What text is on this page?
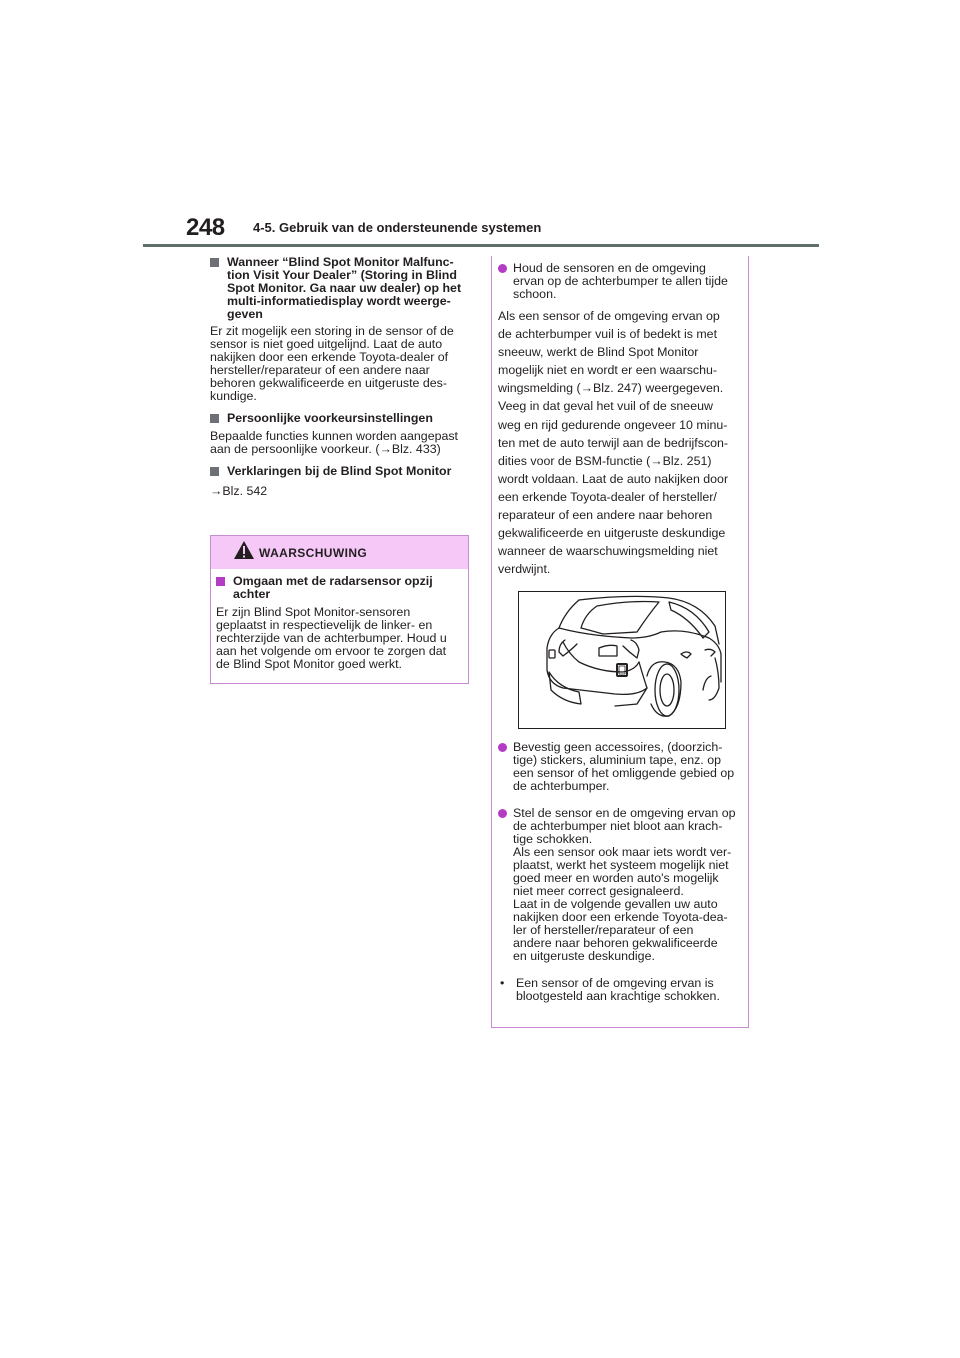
248 4-5. Gebruik van de ondersteunende systemen
Wanneer “Blind Spot Monitor Malfunc-
tion Visit Your Dealer” (Storing in Blind
Spot Monitor. Ga naar uw dealer) op het
multi-informatiedisplay wordt weerge-
geven
Er zit mogelijk een storing in de sensor of de
sensor is niet goed uitgelijnd. Laat de auto
nakijken door een erkende Toyota-dealer of
hersteller/reparateur of een andere naar
behoren gekwalificeerde en uitgeruste des-
kundige.
Persoonlijke voorkeursinstellingen
Bepaalde functies kunnen worden aangepast
aan de persoonlijke voorkeur. (→Blz. 433)
Verklaringen bij de Blind Spot Monitor
→Blz. 542
WAARSCHUWING
Omgaan met de radarsensor opzij
achter
Er zijn Blind Spot Monitor-sensoren
geplaatst in respectievelijk de linker- en
rechterzijde van de achterbumper. Houd u
aan het volgende om ervoor te zorgen dat
de Blind Spot Monitor goed werkt.
Houd de sensoren en de omgeving
ervan op de achterbumper te allen tijde
schoon.
Als een sensor of de omgeving ervan op
de achterbumper vuil is of bedekt is met
sneeuw, werkt de Blind Spot Monitor
mogelijk niet en wordt er een waarschu-
wingsmelding (→Blz. 247) weergegeven.
Veeg in dat geval het vuil of de sneeuw
weg en rijd gedurende ongeveer 10 minu-
ten met de auto terwijl aan de bedrijfscon-
dities voor de BSM-functie (→Blz. 251)
wordt voldaan. Laat de auto nakijken door
een erkende Toyota-dealer of hersteller/
reparateur of een andere naar behoren
gekwalificeerde en uitgeruste deskundige
wanneer de waarschuwingsmelding niet
verdwijnt.
Bevestig geen accessoires, (doorzich-
tige) stickers, aluminium tape, enz. op
een sensor of het omliggende gebied op
de achterbumper.
Stel de sensor en de omgeving ervan op
de achterbumper niet bloot aan krach-
tige schokken.
Als een sensor ook maar iets wordt ver-
plaatst, werkt het systeem mogelijk niet
goed meer en worden auto's mogelijk
niet meer correct gesignaleerd.
Laat in de volgende gevallen uw auto
nakijken door een erkende Toyota-dea-
ler of hersteller/reparateur of een
andere naar behoren gekwalificeerde
en uitgeruste deskundige.
• Een sensor of de omgeving ervan is
blootgesteld aan krachtige schokken.
